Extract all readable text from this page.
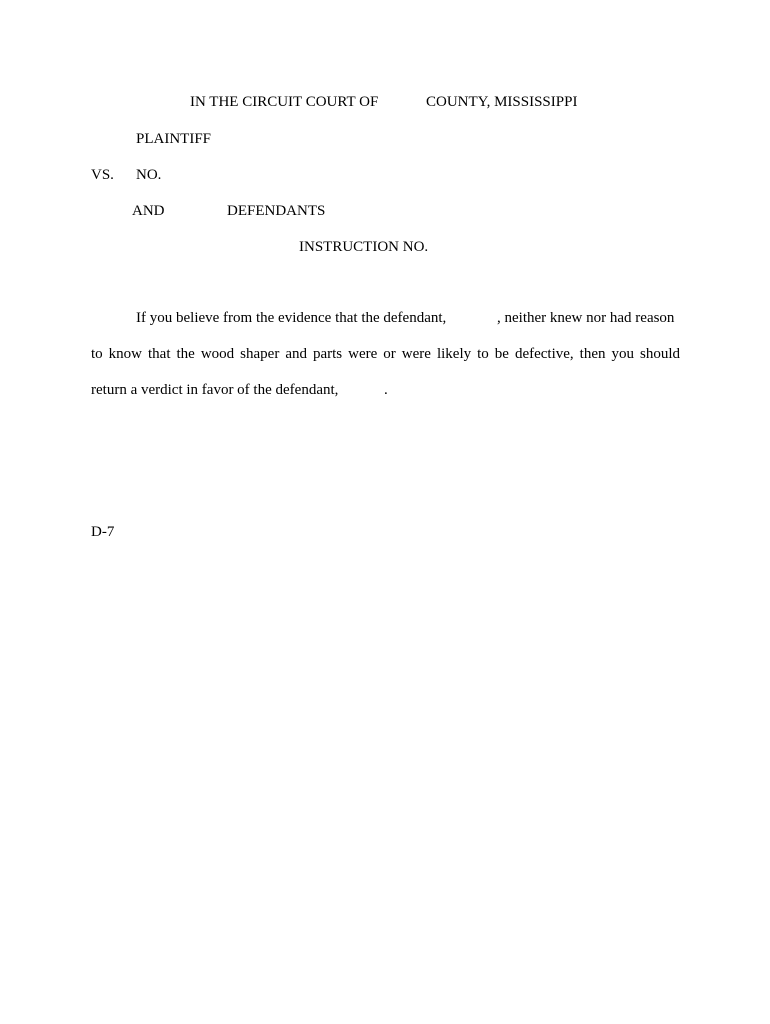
IN THE CIRCUIT COURT OF	COUNTY, MISSISSIPPI
PLAINTIFF
VS. NO.
AND	DEFENDANTS
INSTRUCTION NO.
If you believe from the evidence that the defendant,	, neither knew nor had reason
to know that the wood shaper and parts were or were likely to be defective, then you should
return a verdict in favor of the defendant,	.
D-7
